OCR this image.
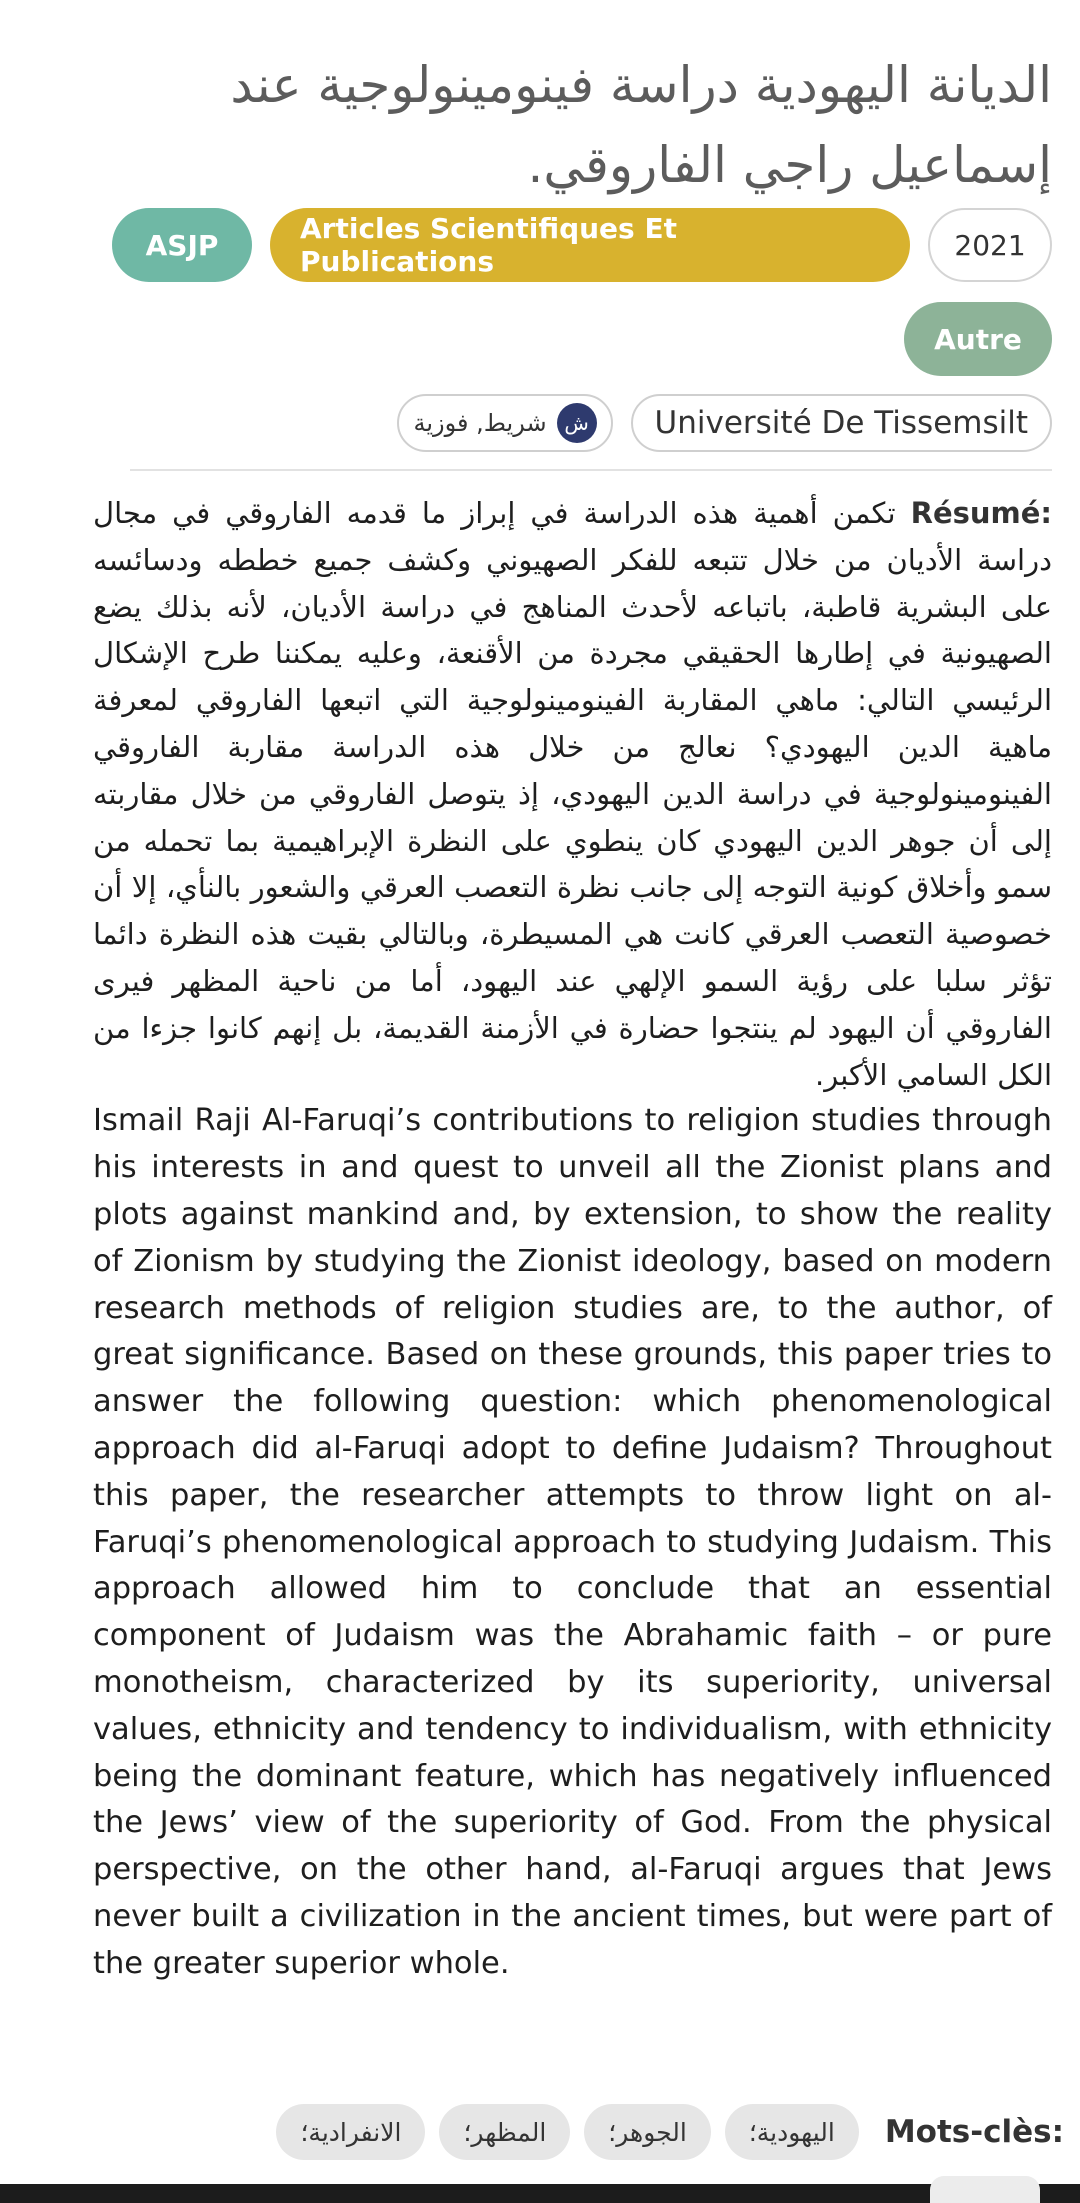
الديانة اليهودية دراسة فينومينولوجية عند إسماعيل راجي الفاروقي.
2021
Articles Scientifiques Et Publications
ASJP
Autre
Université De Tissemsilt
ش
شريط, فوزية
Résumé: تكمن أهمية هذه الدراسة في إبراز ما قدمه الفاروقي في مجال دراسة الأديان من خلال تتبعه للفكر الصهيوني وكشف جميع خططه ودسائسه على البشرية قاطبة، باتباعه لأحدث المناهج في دراسة الأديان، لأنه بذلك يضع الصهيونية في إطارها الحقيقي مجردة من الأقنعة، وعليه يمكننا طرح الإشكال الرئيسي التالي: ماهي المقاربة الفينومينولوجية التي اتبعها الفاروقي لمعرفة ماهية الدين اليهودي؟ نعالج من خلال هذه الدراسة مقاربة الفاروقي الفينومينولوجية في دراسة الدين اليهودي، إذ يتوصل الفاروقي من خلال مقاربته إلى أن جوهر الدين اليهودي كان ينطوي على النظرة الإبراهيمية بما تحمله من سمو وأخلاق كونية التوجه إلى جانب نظرة التعصب العرقي والشعور بالنأي، إلا أن خصوصية التعصب العرقي كانت هي المسيطرة، وبالتالي بقيت هذه النظرة دائما تؤثر سلبا على رؤية السمو الإلهي عند اليهود، أما من ناحية المظهر فيرى الفاروقي أن اليهود لم ينتجوا حضارة في الأزمنة القديمة، بل إنهم كانوا جزءا من الكل السامي الأكبر.
Ismail Raji Al-Faruqi’s contributions to religion studies through his interests in and quest to unveil all the Zionist plans and plots against mankind and, by extension, to show the reality of Zionism by studying the Zionist ideology, based on modern research methods of religion studies are, to the author, of great significance. Based on these grounds, this paper tries to answer the following question: which phenomenological approach did al-Faruqi adopt to define Judaism? Throughout this paper, the researcher attempts to throw light on al-Faruqi’s phenomenological approach to studying Judaism. This approach allowed him to conclude that an essential component of Judaism was the Abrahamic faith – or pure monotheism, characterized by its superiority, universal values, ethnicity and tendency to individualism, with ethnicity being the dominant feature, which has negatively influenced the Jews’ view of the superiority of God. From the physical perspective, on the other hand, al-Faruqi argues that Jews never built a civilization in the ancient times, but were part of the greater superior whole.
Mots-clès:
اليهودية؛
الجوهر؛
المظهر؛
الانفرادية؛
